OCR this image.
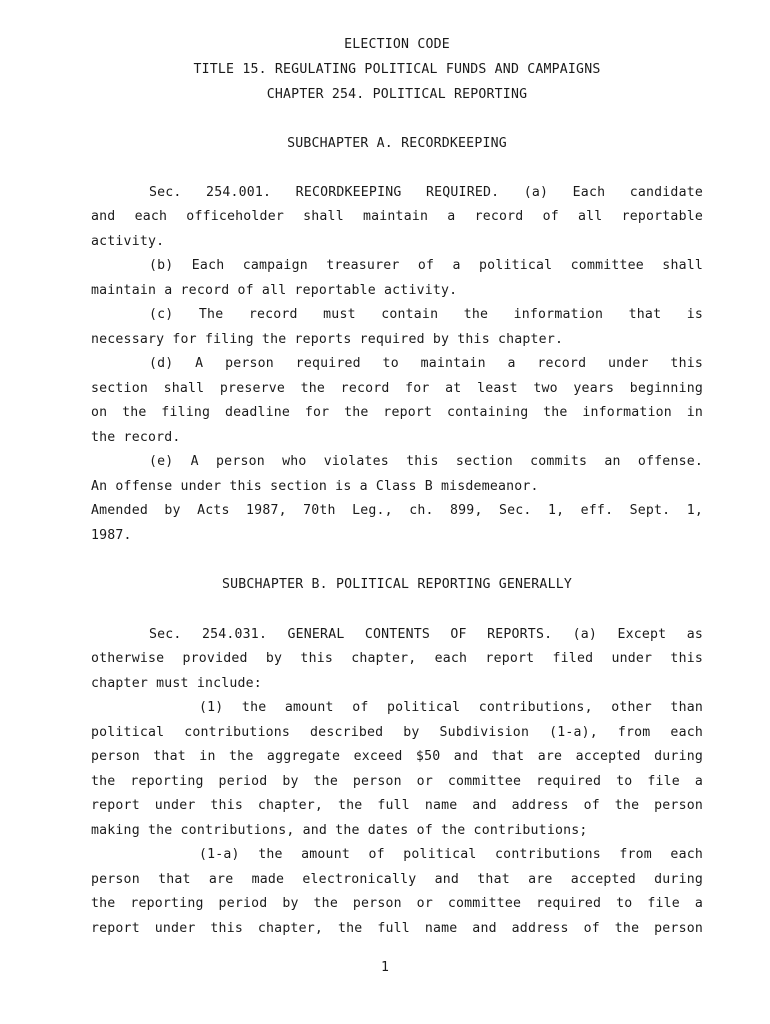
ELECTION CODE
TITLE 15. REGULATING POLITICAL FUNDS AND CAMPAIGNS
CHAPTER 254. POLITICAL REPORTING
SUBCHAPTER A. RECORDKEEPING
Sec. 254.001. RECORDKEEPING REQUIRED. (a) Each candidate
and each officeholder shall maintain a record of all reportable
activity.
(b) Each campaign treasurer of a political committee shall
maintain a record of all reportable activity.
(c) The record must contain the information that is
necessary for filing the reports required by this chapter.
(d) A person required to maintain a record under this
section shall preserve the record for at least two years beginning
on the filing deadline for the report containing the information in
the record.
(e) A person who violates this section commits an offense.
An offense under this section is a Class B misdemeanor.
Amended by Acts 1987, 70th Leg., ch. 899, Sec. 1, eff. Sept. 1,
1987.
SUBCHAPTER B. POLITICAL REPORTING GENERALLY
Sec. 254.031. GENERAL CONTENTS OF REPORTS. (a) Except as
otherwise provided by this chapter, each report filed under this
chapter must include:
(1) the amount of political contributions, other than
political contributions described by Subdivision (1-a), from each
person that in the aggregate exceed $50 and that are accepted during
the reporting period by the person or committee required to file a
report under this chapter, the full name and address of the person
making the contributions, and the dates of the contributions;
(1-a) the amount of political contributions from each
person that are made electronically and that are accepted during
the reporting period by the person or committee required to file a
report under this chapter, the full name and address of the person
1
